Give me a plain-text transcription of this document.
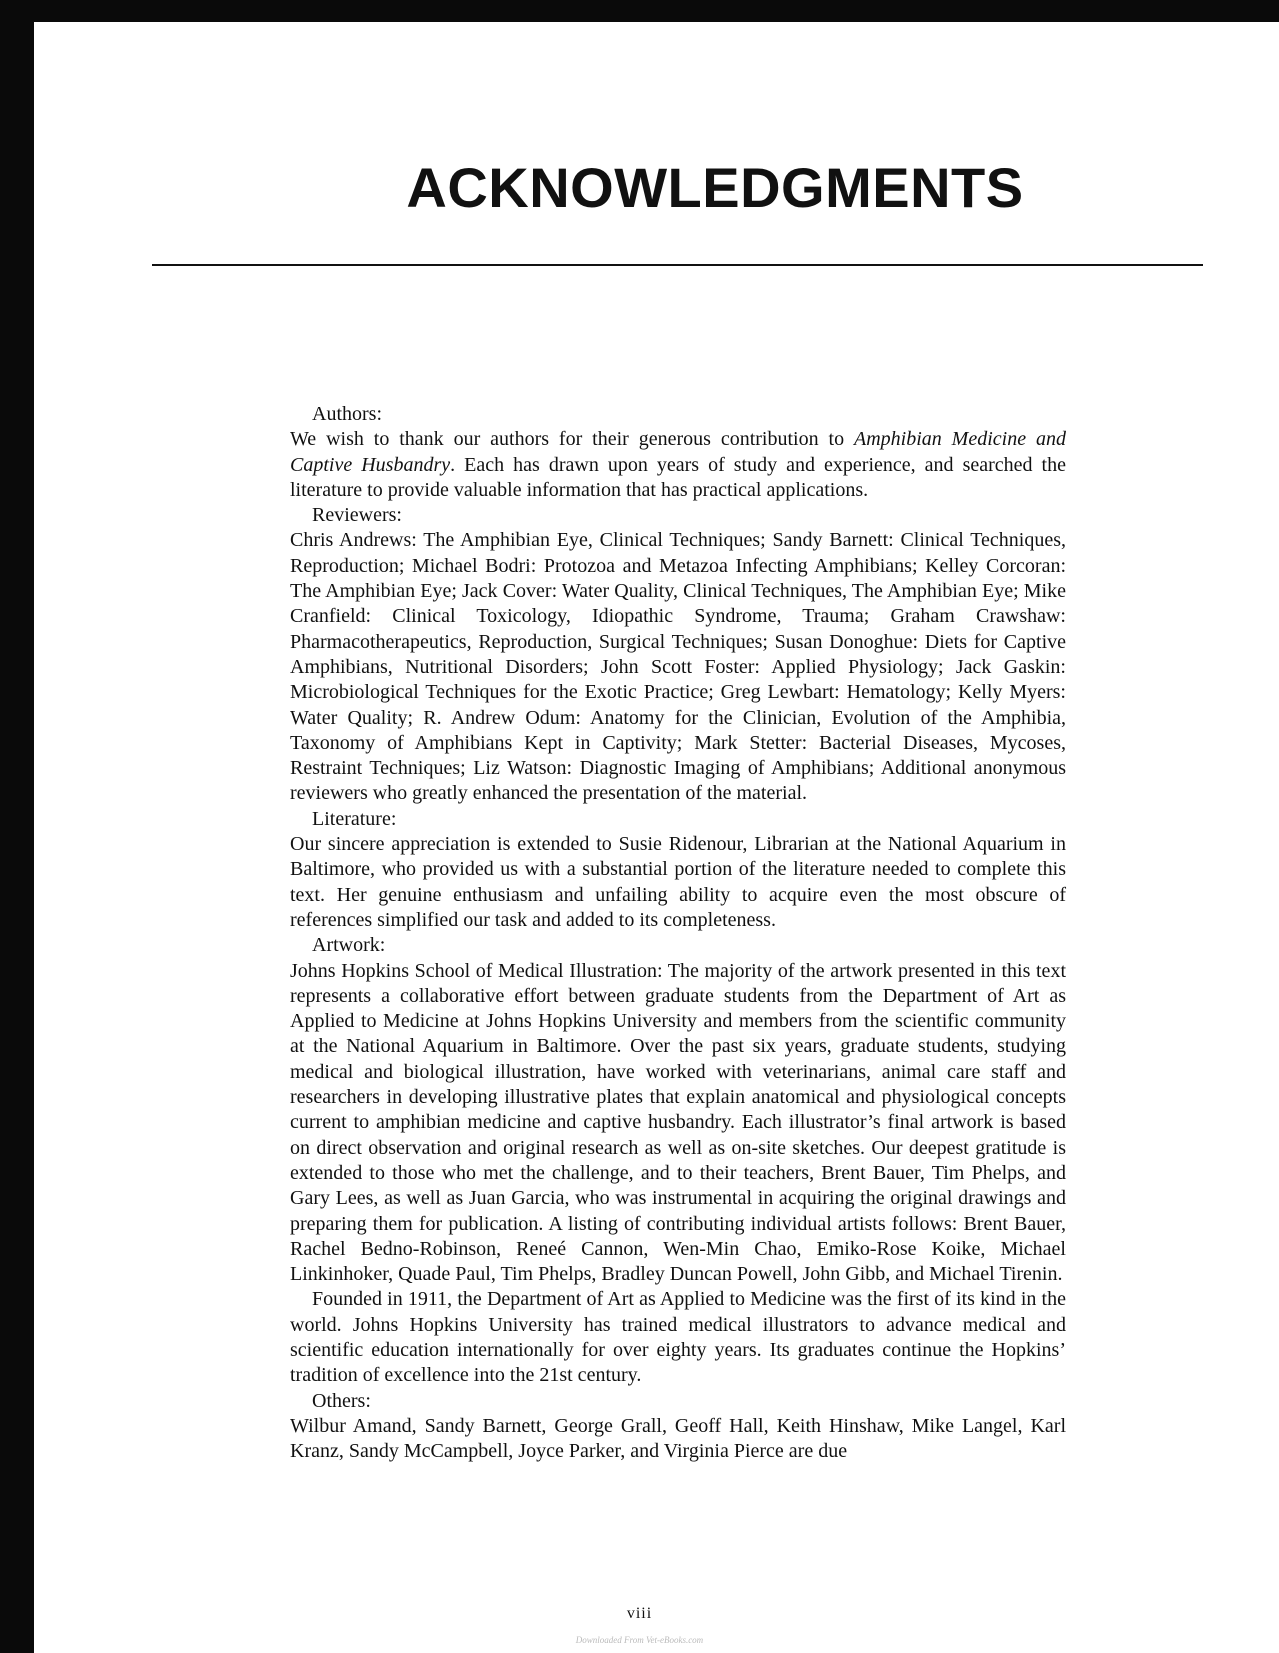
ACKNOWLEDGMENTS

Authors:

We wish to thank our authors for their generous contribution to Amphibian Medicine and Captive Husbandry. Each has drawn upon years of study and experience, and searched the literature to provide valuable information that has practical applications.

Reviewers:

Chris Andrews: The Amphibian Eye, Clinical Techniques; Sandy Barnett: Clinical Techniques, Reproduction; Michael Bodri: Protozoa and Metazoa Infecting Amphibians; Kelley Corcoran: The Amphibian Eye; Jack Cover: Water Quality, Clinical Techniques, The Amphibian Eye; Mike Cranfield: Clinical Toxicology, Idiopathic Syndrome, Trauma; Graham Crawshaw: Pharmacotherapeutics, Reproduction, Surgical Techniques; Susan Donoghue: Diets for Captive Amphibians, Nutritional Disorders; John Scott Foster: Applied Physiology; Jack Gaskin: Microbiological Techniques for the Exotic Practice; Greg Lewbart: Hematology; Kelly Myers: Water Quality; R. Andrew Odum: Anatomy for the Clinician, Evolution of the Amphibia, Taxonomy of Amphibians Kept in Captivity; Mark Stetter: Bacterial Diseases, Mycoses, Restraint Techniques; Liz Watson: Diagnostic Imaging of Amphibians; Additional anonymous reviewers who greatly enhanced the presentation of the material.

Literature:

Our sincere appreciation is extended to Susie Ridenour, Librarian at the National Aquarium in Baltimore, who provided us with a substantial portion of the literature needed to complete this text. Her genuine enthusiasm and unfailing ability to acquire even the most obscure of references simplified our task and added to its completeness.

Artwork:

Johns Hopkins School of Medical Illustration: The majority of the artwork presented in this text represents a collaborative effort between graduate students from the Department of Art as Applied to Medicine at Johns Hopkins University and members from the scientific community at the National Aquarium in Baltimore. Over the past six years, graduate students, studying medical and biological illustration, have worked with veterinarians, animal care staff and researchers in developing illustrative plates that explain anatomical and physiological concepts current to amphibian medicine and captive husbandry. Each illustrator’s final artwork is based on direct observation and original research as well as on-site sketches. Our deepest gratitude is extended to those who met the challenge, and to their teachers, Brent Bauer, Tim Phelps, and Gary Lees, as well as Juan Garcia, who was instrumental in acquiring the original drawings and preparing them for publication. A listing of contributing individual artists follows: Brent Bauer, Rachel Bedno-Robinson, Reneé Cannon, Wen-Min Chao, Emiko-Rose Koike, Michael Linkinhoker, Quade Paul, Tim Phelps, Bradley Duncan Powell, John Gibb, and Michael Tirenin.

Founded in 1911, the Department of Art as Applied to Medicine was the first of its kind in the world. Johns Hopkins University has trained medical illustrators to advance medical and scientific education internationally for over eighty years. Its graduates continue the Hopkins’ tradition of excellence into the 21st century.

Others:

Wilbur Amand, Sandy Barnett, George Grall, Geoff Hall, Keith Hinshaw, Mike Langel, Karl Kranz, Sandy McCampbell, Joyce Parker, and Virginia Pierce are due

viii
Downloaded From Vet-eBooks.com
